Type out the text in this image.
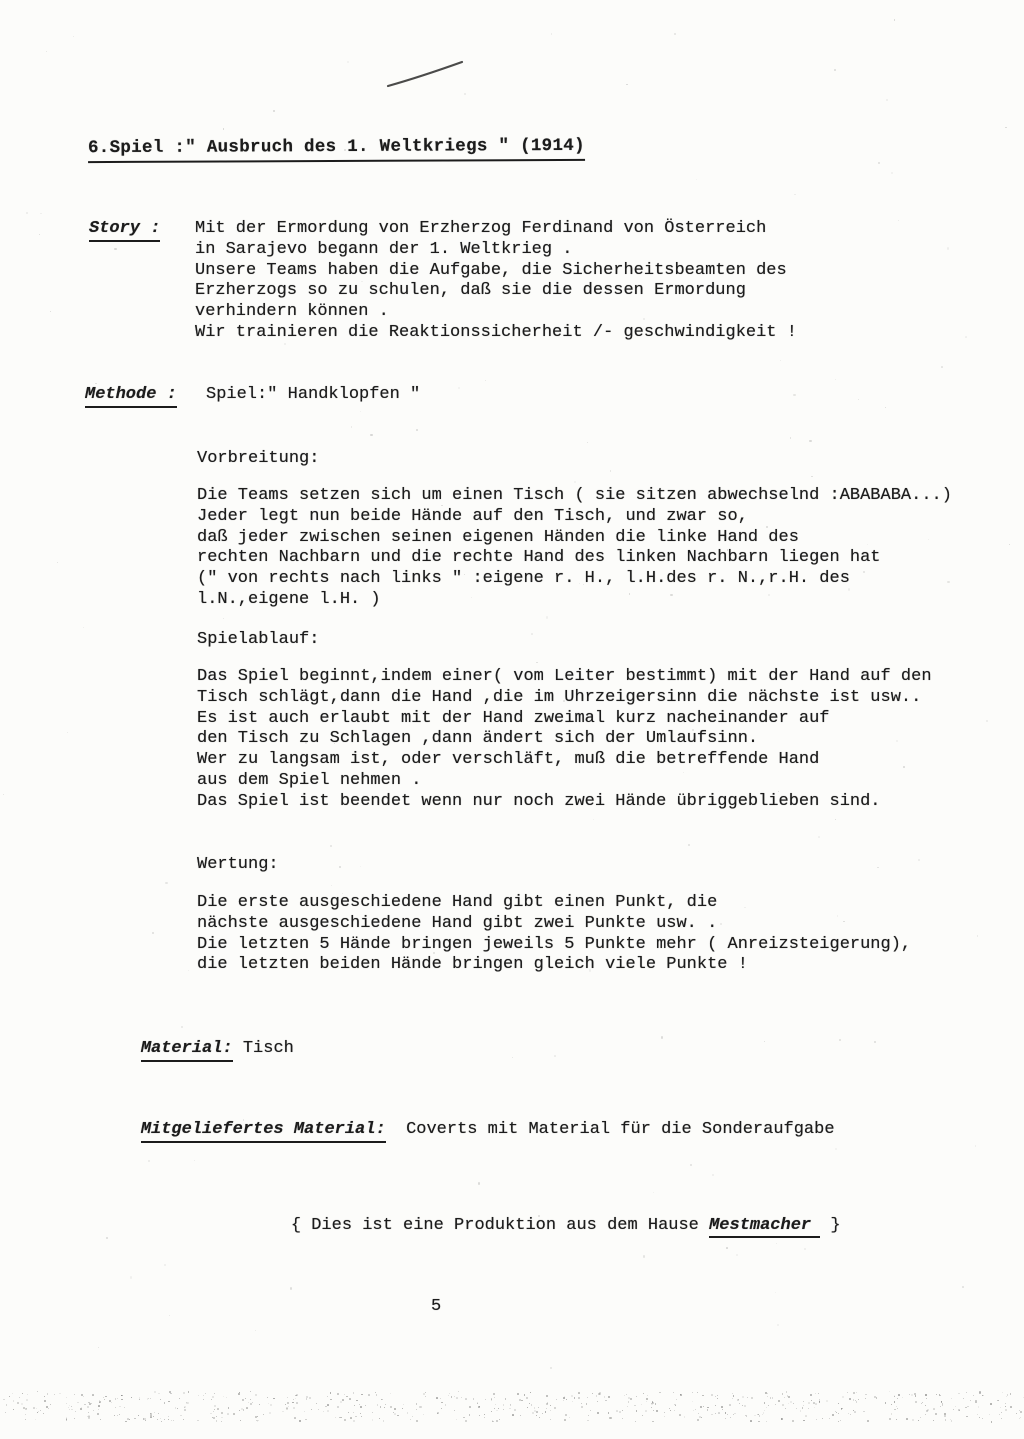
6.Spiel :" Ausbruch des 1. Weltkriegs " (1914)
Story : Mit der Ermordung von Erzherzog Ferdinand von Österreich
in Sarajevo begann der 1. Weltkrieg .
Unsere Teams haben die Aufgabe, die Sicherheitsbeamten des
Erzherzogs so zu schulen, daß sie die dessen Ermordung
verhindern können .
Wir trainieren die Reaktionssicherheit /- geschwindigkeit !
Methode : Spiel:" Handklopfen "
Vorbreitung:
Die Teams setzen sich um einen Tisch ( sie sitzen abwechselnd :ABABABA...)
Jeder legt nun beide Hände auf den Tisch, und zwar so,
daß jeder zwischen seinen eigenen Händen die linke Hand des
rechten Nachbarn und die rechte Hand des linken Nachbarn liegen hat
(" von rechts nach links " :eigene r. H., l.H.des r. N.,r.H. des
l.N.,eigene l.H. )
Spielablauf:
Das Spiel beginnt,indem einer( vom Leiter bestimmt) mit der Hand auf den
Tisch schlägt,dann die Hand ,die im Uhrzeigersinn die nächste ist usw..
Es ist auch erlaubt mit der Hand zweimal kurz nacheinander auf
den Tisch zu Schlagen ,dann ändert sich der Umlaufsinn.
Wer zu langsam ist, oder verschläft, muß die betreffende Hand
aus dem Spiel nehmen .
Das Spiel ist beendet wenn nur noch zwei Hände übriggeblieben sind.
Wertung:
Die erste ausgeschiedene Hand gibt einen Punkt, die
nächste ausgeschiedene Hand gibt zwei Punkte usw. .
Die letzten 5 Hände bringen jeweils 5 Punkte mehr ( Anreizsteigerung),
die letzten beiden Hände bringen gleich viele Punkte !

Material: Tisch

Mitgeliefertes Material: Coverts mit Material für die Sonderaufgabe

{ Dies ist eine Produktion aus dem Hause Mestmacher }

5
